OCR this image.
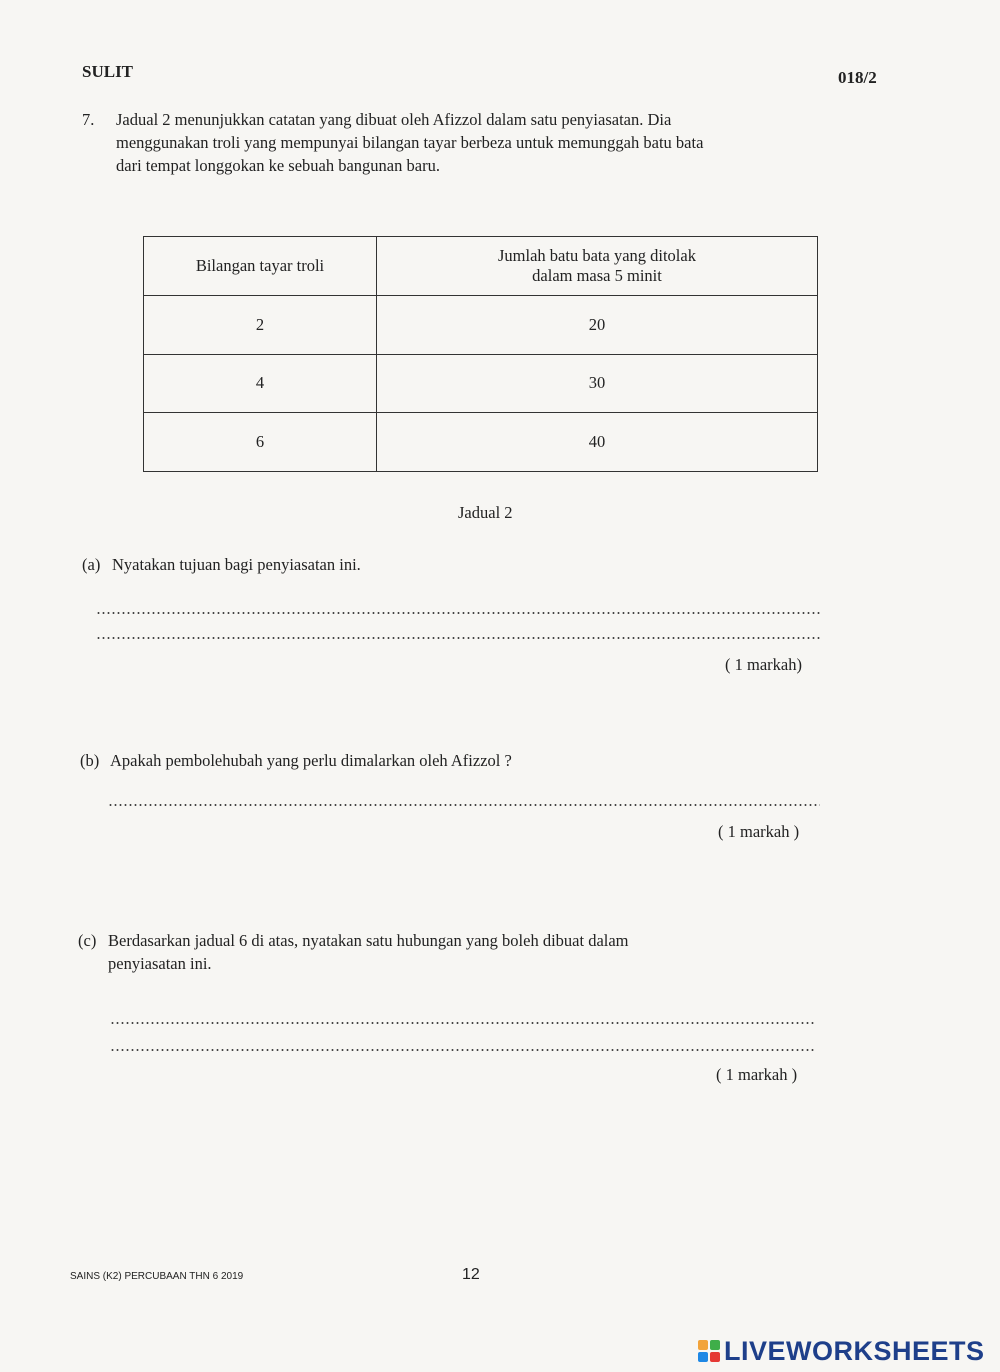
SULIT	018/2
7. Jadual 2 menunjukkan catatan yang dibuat oleh Afizzol dalam satu penyiasatan. Dia
menggunakan troli yang mempunyai bilangan tayar berbeza untuk memunggah batu bata
dari tempat longgokan ke sebuah bangunan baru.
Bilangan tayar troli	Jumlah batu bata yang ditolak
dalam masa 5 minit

2	20
4	30
6	40
Jadual 2
(a) Nyatakan tujuan bagi penyiasatan ini.
( 1 markah)
(b) Apakah pembolehubah yang perlu dimalarkan oleh Afizzol ?
( 1 markah )
(c) Berdasarkan jadual 6 di atas, nyatakan satu hubungan yang boleh dibuat dalam
penyiasatan ini.
( 1 markah )
SAINS (K2) PERCUBAAN THN 6 2019	12
LIVEWORKSHEETS
